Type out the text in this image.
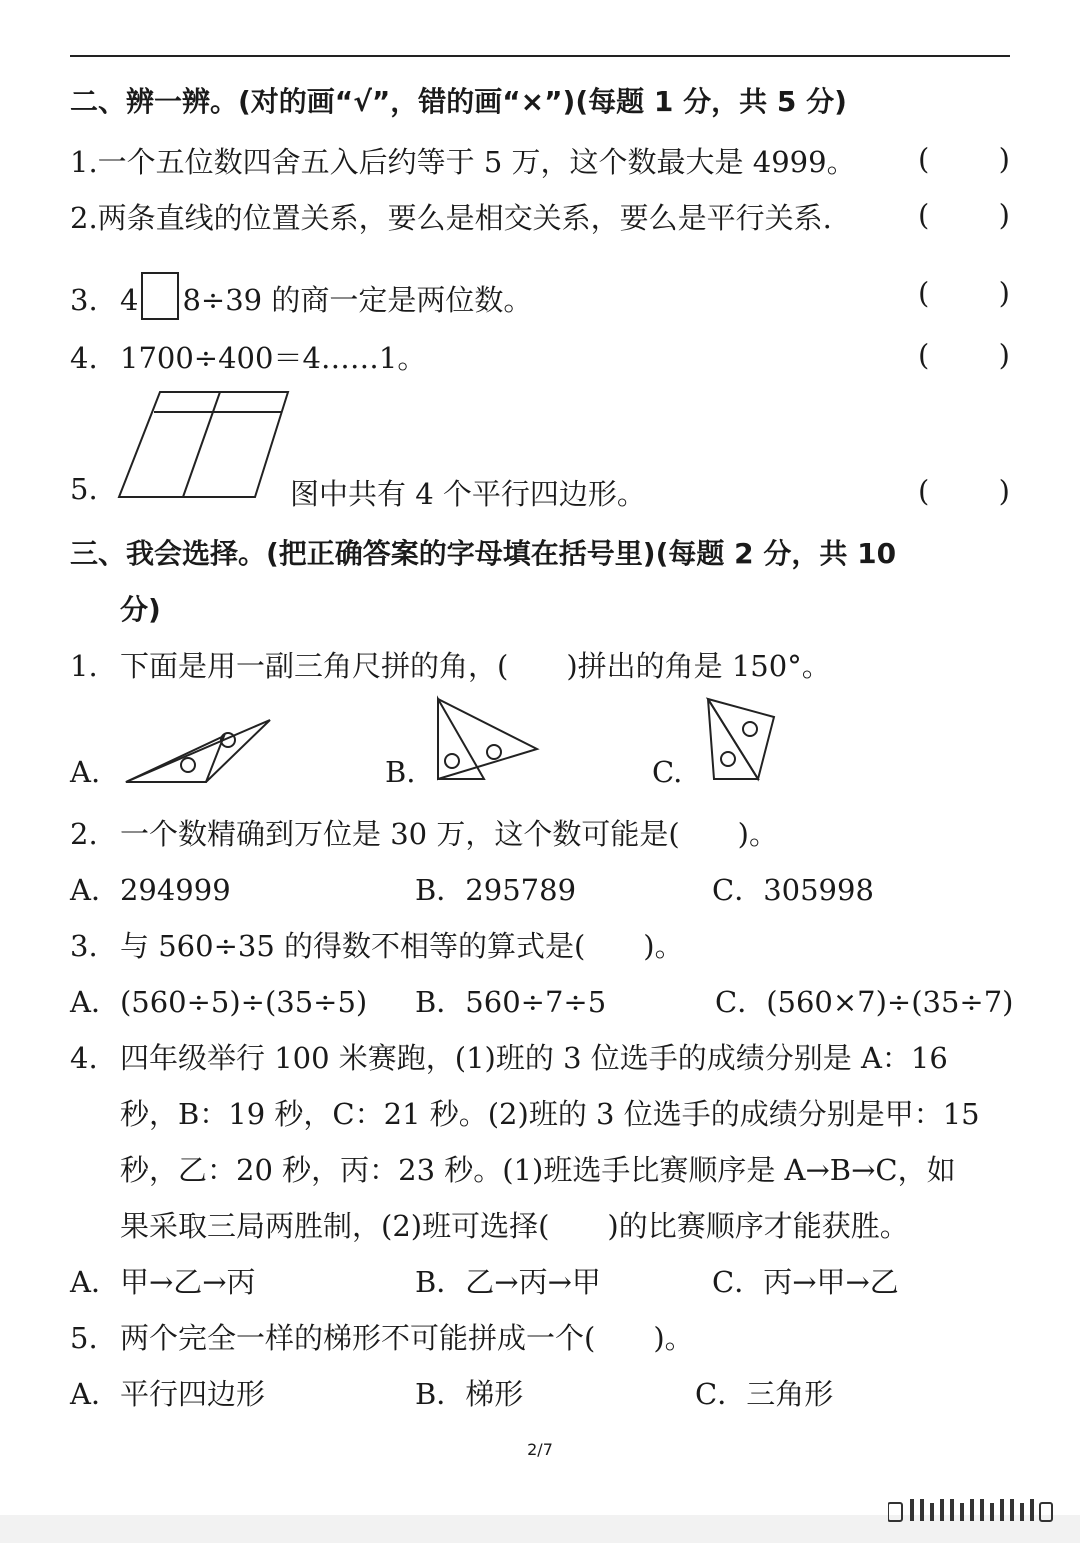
二、辨一辨。(对的画“√”，错的画“×”)(每题 1 分，共 5 分)
1.一个五位数四舍五入后约等于 5 万，这个数最大是 4999。 ( )
2.两条直线的位置关系，要么是相交关系，要么是平行关系.	( )
3. 4 8÷39 的商一定是两位数。	( )
4. 1700÷400＝4……1。	( )
5.	图中共有 4 个平行四边形。	( )
三、我会选择。(把正确答案的字母填在括号里)(每题 2 分，共 10
分)
1. 下面是用一副三角尺拼的角，(　　)拼出的角是 150°。
A.	B.	C.
2. 一个数精确到万位是 30 万，这个数可能是(　　)。
A．294999	B．295789	C．305998
3. 与 560÷35 的得数不相等的算式是(　　)。
A．(560÷5)÷(35÷5) B．560÷7÷5	C．(560×7)÷(35÷7)
4. 四年级举行 100 米赛跑，(1)班的 3 位选手的成绩分别是 A：16
秒，B：19 秒，C：21 秒。(2)班的 3 位选手的成绩分别是甲：15
秒，乙：20 秒，丙：23 秒。(1)班选手比赛顺序是 A→B→C，如
果采取三局两胜制，(2)班可选择(　　)的比赛顺序才能获胜。
A．甲→乙→丙	B．乙→丙→甲	C．丙→甲→乙
5. 两个完全一样的梯形不可能拼成一个(　　)。
A．平行四边形	B．梯形	C．三角形
2/7
